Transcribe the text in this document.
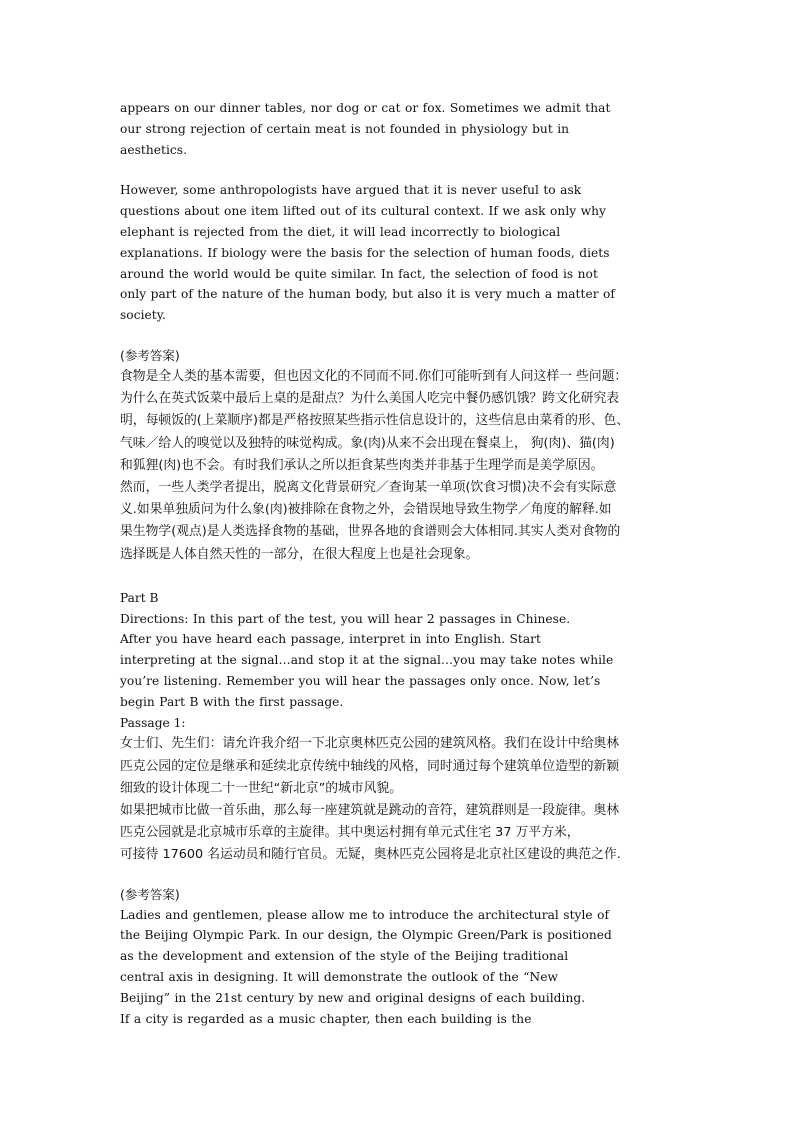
appears on our dinner tables, nor dog or cat or fox. Sometimes we admit that
our strong rejection of certain meat is not founded in physiology but in
aesthetics.

However, some anthropologists have argued that it is never useful to ask
questions about one item lifted out of its cultural context. If we ask only why
elephant is rejected from the diet, it will lead incorrectly to biological
explanations. If biology were the basis for the selection of human foods, diets
around the world would be quite similar. In fact, the selection of food is not
only part of the nature of the human body, but also it is very much a matter of
society.

(参考答案)

食物是全人类的基本需要，但也因文化的不同而不同.你们可能听到有人问这样一 些问题：
为什么在英式饭菜中最后上桌的是甜点？为什么美国人吃完中餐仍感饥饿？跨文化研究表
明，每顿饭的(上菜顺序)都是严格按照某些指示性信息设计的，这些信息由菜肴的形、色、
气味／给人的嗅觉以及独特的味觉构成。象(肉)从来不会出现在餐桌上， 狗(肉)、猫(肉)
和狐狸(肉)也不会。有时我们承认之所以拒食某些肉类并非基于生理学而是美学原因。
然而，一些人类学者提出，脱离文化背景研究／查询某一单项(饮食习惯)决不会有实际意
义.如果单独质问为什么象(肉)被排除在食物之外，会错误地导致生物学／角度的解释.如
果生物学(观点)是人类选择食物的基础，世界各地的食谱则会大体相同.其实人类对食物的
选择既是人体自然天性的一部分，在很大程度上也是社会现象。

Part B

Directions: In this part of the test, you will hear 2 passages in Chinese.
After you have heard each passage, interpret in into English. Start
interpreting at the signal…and stop it at the signal…you may take notes while
you’re listening. Remember you will hear the passages only once. Now, let’s
begin Part B with the first passage.

Passage 1:

女士们、先生们：请允许我介绍一下北京奥林匹克公园的建筑风格。我们在设计中给奥林
匹克公园的定位是继承和延续北京传统中轴线的风格，同时通过每个建筑单位造型的新颖
细致的设计体现二十一世纪“新北京”的城市风貌。
如果把城市比做一首乐曲，那么每一座建筑就是跳动的音符，建筑群则是一段旋律。奥林
匹克公园就是北京城市乐章的主旋律。其中奥运村拥有单元式住宅 37 万平方米，
可接待 17600 名运动员和随行官员。无疑，奥林匹克公园将是北京社区建设的典范之作.

(参考答案)

Ladies and gentlemen, please allow me to introduce the architectural style of
the Beijing Olympic Park. In our design, the Olympic Green/Park is positioned
as the development and extension of the style of the Beijing traditional
central axis in designing. It will demonstrate the outlook of the “New
Beijing” in the 21st century by new and original designs of each building.
If a city is regarded as a music chapter, then each building is the
